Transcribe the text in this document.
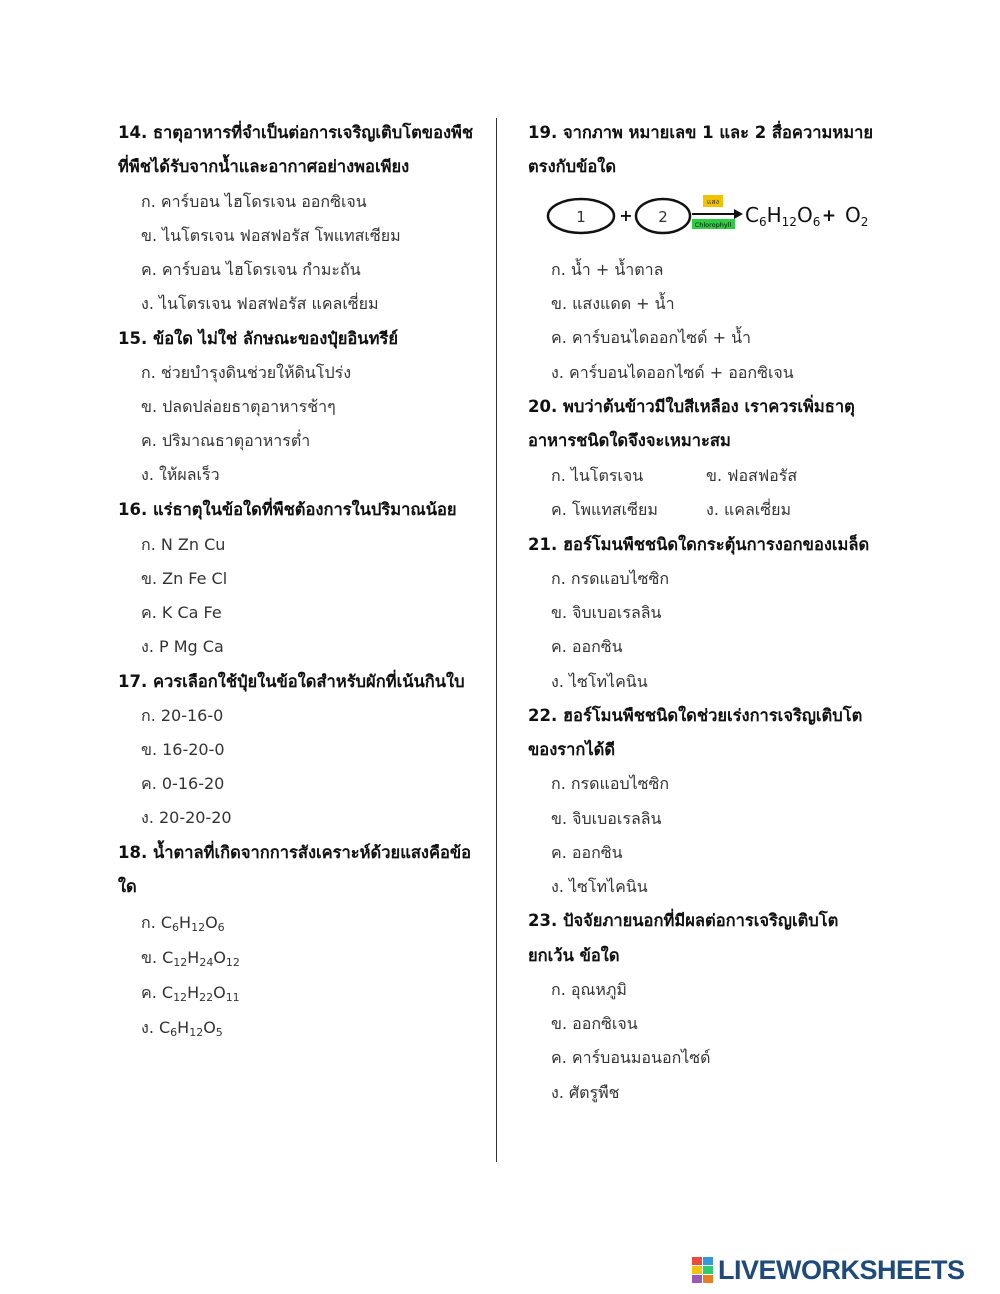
14. ธาตุอาหารที่จำเป็นต่อการเจริญเติบโตของพืช
ที่พืชได้รับจากน้ำและอากาศอย่างพอเพียง
ก. คาร์บอน ไฮโดรเจน ออกซิเจน
ข. ไนโตรเจน ฟอสฟอรัส โพแทสเซียม
ค. คาร์บอน ไฮโดรเจน กำมะถัน
ง. ไนโตรเจน ฟอสฟอรัส แคลเซี่ยม
15. ข้อใด ไม่ใช่ ลักษณะของปุ๋ยอินทรีย์
ก. ช่วยบำรุงดินช่วยให้ดินโปร่ง
ข. ปลดปล่อยธาตุอาหารช้าๆ
ค. ปริมาณธาตุอาหารต่ำ
ง. ให้ผลเร็ว
16. แร่ธาตุในข้อใดที่พืชต้องการในปริมาณน้อย
ก. N Zn Cu
ข. Zn Fe Cl
ค. K Ca Fe
ง. P Mg Ca
17. ควรเลือกใช้ปุ๋ยในข้อใดสำหรับผักที่เน้นกินใบ
ก. 20-16-0
ข. 16-20-0
ค. 0-16-20
ง. 20-20-20
18. น้ำตาลที่เกิดจากการสังเคราะห์ด้วยแสงคือข้อ
ใด
ก. $C_6H_{12}O_6$
ข. $C_{12}H_{24}O_{12}$
ค. $C_{12}H_{22}O_{11}$
ง. $C_6H_{12}O_5$
19. จากภาพ หมายเลข 1 และ 2 สื่อความหมาย
ตรงกับข้อใด
1 + 2
แสง
Chlorophyll $C_6H_{12}O_6 + O_2$
ก. น้ำ + น้ำตาล
ข. แสงแดด + น้ำ
ค. คาร์บอนไดออกไซด์ + น้ำ
ง. คาร์บอนไดออกไซด์ + ออกซิเจน
20. พบว่าต้นข้าวมีใบสีเหลือง เราควรเพิ่มธาตุ
อาหารชนิดใดจึงจะเหมาะสม
ก. ไนโตรเจน	ข. ฟอสฟอรัส
ค. โพแทสเซียม	ง. แคลเซี่ยม
21. ฮอร์โมนพืชชนิดใดกระตุ้นการงอกของเมล็ด
ก. กรดแอบไซซิก
ข. จิบเบอเรลลิน
ค. ออกซิน
ง. ไซโทไคนิน
22. ฮอร์โมนพืชชนิดใดช่วยเร่งการเจริญเติบโต
ของรากได้ดี
ก. กรดแอบไซซิก
ข. จิบเบอเรลลิน
ค. ออกซิน
ง. ไซโทไคนิน
23. ปัจจัยภายนอกที่มีผลต่อการเจริญเติบโต
ยกเว้น ข้อใด
ก. อุณหภูมิ
ข. ออกซิเจน
ค. คาร์บอนมอนอกไซด์
ง. ศัตรูพืช
LIVEWORKSHEETS
